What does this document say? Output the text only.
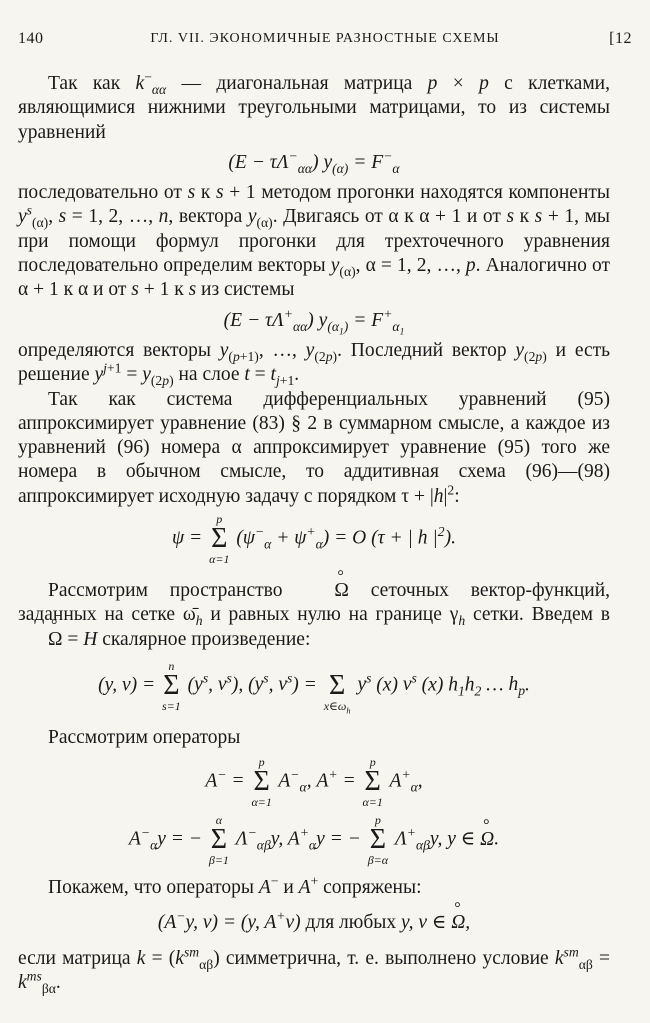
140	ГЛ. VII. ЭКОНОМИЧНЫЕ РАЗНОСТНЫЕ СХЕМЫ	[12

Так как $k^-_{\alpha\alpha}$ — диагональная матрица p × p с клетками, являющимися нижними треугольными матрицами, то из системы уравнений

$(E - \tau\Lambda^-_{\alpha\alpha})$ $y_{(\alpha)} = F^-_\alpha$

последовательно от s к s + 1 методом прогонки находятся компоненты $y^s_{(\alpha)}$, s = 1, 2, …, n, вектора $y_{(\alpha)}$. Двигаясь от α к α + 1 и от s к s + 1, мы при помощи формул прогонки для трехточечного уравнения последовательно определим векторы $y_{(\alpha)}$, α = 1, 2, …, p. Аналогично от α + 1 к α и от s + 1 к s из системы

$(E - \tau\Lambda^+_{\alpha\alpha})$ $y_{(\alpha_1)} = F^+_{\alpha_1}$

определяются векторы $y_{(p+1)}$, …, $y_{(2p)}$. Последний вектор $y_{(2p)}$ и есть решение $y^{j+1} = y_{(2p)}$ на слое $t = t_{j+1}$.

Так как система дифференциальных уравнений (95) аппроксимирует уравнение (83) § 2 в суммарном смысле, а каждое из уравнений (96) номера α аппроксимирует уравнение (95) того же номера в обычном смысле, то аддитивная схема (96)—(98) аппроксимирует исходную задачу с порядком $\tau + |h|^2$:

ψ =
p
Σ
α=1
$(\psi^-_\alpha + \psi^+_\alpha) = O$ (τ + | h $|^2$).

Рассмотрим пространство °	Ω сеточных вектор-функций, заданных на сетке $\omegā_h$ и равных нулю на границе $\gamma_h$ сетки. Введем в ° Ω = H скалярное произведение:

(y, v) =
n
Σ
s=1
($y^s$, $v^s$), ($y^s$, $v^s$) =
Σ
$x\in\omega_h$
$y^s$ (x) $v^s$ (x) $h_1h_2$ … $h_p$.

Рассмотрим операторы

A− =
p
Σ
α=1
$A^-_\alpha$, A+ =
p
Σ
α=1
$A^+_\alpha$,

$A^-_\alpha y$ = −
α
Σ
β=1
$\Lambda^-_{\alpha\beta}y$, $A^+_\alpha y$ = −
p
Σ
β=α
$\Lambda^+_{\alpha\beta}y$, y ∈ ° Ω.

Покажем, что операторы A− и A+ сопряжены:

(A−y, v) = (y, A+v) для любых y, v ∈ ° Ω,

если матрица $k = (k^{sm}_{\alpha\beta})$ симметрична, т. е. выполнено условие $k^{sm}_{\alpha\beta} = k^{ms}_{\beta\alpha}$.
